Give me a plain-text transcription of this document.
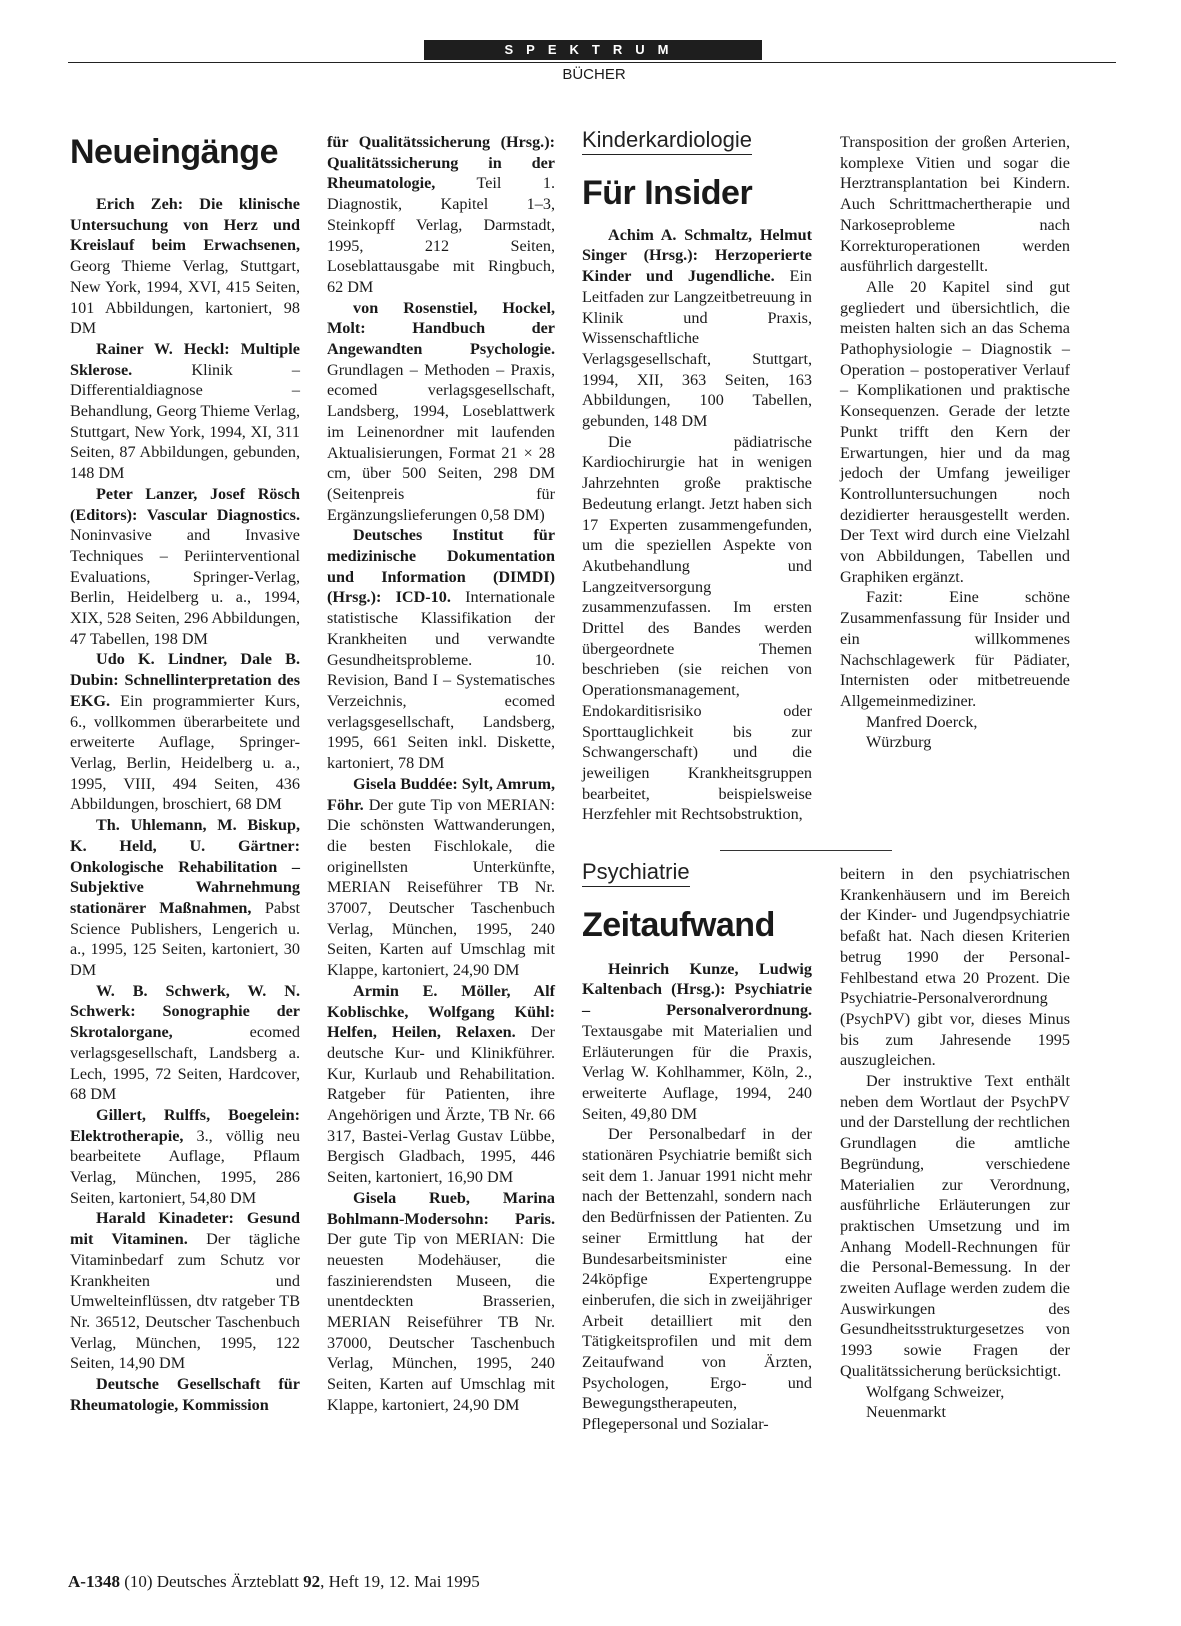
SPEKTRUM
BÜCHER
Neueingänge

Erich Zeh: Die klinische Untersuchung von Herz und Kreislauf beim Erwachsenen, Georg Thieme Verlag, Stuttgart, New York, 1994, XVI, 415 Seiten, 101 Abbildungen, kartoniert, 98 DM

Rainer W. Heckl: Multiple Sklerose. Klinik – Differentialdiagnose – Behandlung, Georg Thieme Verlag, Stuttgart, New York, 1994, XI, 311 Seiten, 87 Abbildungen, gebunden, 148 DM

Peter Lanzer, Josef Rösch (Editors): Vascular Diagnostics. Noninvasive and Invasive Techniques – Periinterventional Evaluations, Springer-Verlag, Berlin, Heidelberg u. a., 1994, XIX, 528 Seiten, 296 Abbildungen, 47 Tabellen, 198 DM

Udo K. Lindner, Dale B. Dubin: Schnellinterpretation des EKG. Ein programmierter Kurs, 6., vollkommen überarbeitete und erweiterte Auflage, Springer-Verlag, Berlin, Heidelberg u. a., 1995, VIII, 494 Seiten, 436 Abbildungen, broschiert, 68 DM

Th. Uhlemann, M. Biskup, K. Held, U. Gärtner: Onkologische Rehabilitation – Subjektive Wahrnehmung stationärer Maßnahmen, Pabst Science Publishers, Lengerich u. a., 1995, 125 Seiten, kartoniert, 30 DM

W. B. Schwerk, W. N. Schwerk: Sonographie der Skrotalorgane, ecomed verlagsgesellschaft, Landsberg a. Lech, 1995, 72 Seiten, Hardcover, 68 DM

Gillert, Rulffs, Boegelein: Elektrotherapie, 3., völlig neu bearbeitete Auflage, Pflaum Verlag, München, 1995, 286 Seiten, kartoniert, 54,80 DM

Harald Kinadeter: Gesund mit Vitaminen. Der tägliche Vitaminbedarf zum Schutz vor Krankheiten und Umwelteinflüssen, dtv ratgeber TB Nr. 36512, Deutscher Taschenbuch Verlag, München, 1995, 122 Seiten, 14,90 DM

Deutsche Gesellschaft für Rheumatologie, Kommission

für Qualitätssicherung (Hrsg.): Qualitätssicherung in der Rheumatologie, Teil 1. Diagnostik, Kapitel 1–3, Steinkopff Verlag, Darmstadt, 1995, 212 Seiten, Loseblattausgabe mit Ringbuch, 62 DM

von Rosenstiel, Hockel, Molt: Handbuch der Angewandten Psychologie. Grundlagen – Methoden – Praxis, ecomed verlagsgesellschaft, Landsberg, 1994, Loseblattwerk im Leinenordner mit laufenden Aktualisierungen, Format 21 × 28 cm, über 500 Seiten, 298 DM (Seitenpreis für Ergänzungslieferungen 0,58 DM)

Deutsches Institut für medizinische Dokumentation und Information (DIMDI) (Hrsg.): ICD-10. Internationale statistische Klassifikation der Krankheiten und verwandte Gesundheitsprobleme. 10. Revision, Band I – Systematisches Verzeichnis, ecomed verlagsgesellschaft, Landsberg, 1995, 661 Seiten inkl. Diskette, kartoniert, 78 DM

Gisela Buddée: Sylt, Amrum, Föhr. Der gute Tip von MERIAN: Die schönsten Wattwanderungen, die besten Fischlokale, die originellsten Unterkünfte, MERIAN Reiseführer TB Nr. 37007, Deutscher Taschenbuch Verlag, München, 1995, 240 Seiten, Karten auf Umschlag mit Klappe, kartoniert, 24,90 DM

Armin E. Möller, Alf Koblischke, Wolfgang Kühl: Helfen, Heilen, Relaxen. Der deutsche Kur- und Klinikführer. Kur, Kurlaub und Rehabilitation. Ratgeber für Patienten, ihre Angehörigen und Ärzte, TB Nr. 66 317, Bastei-Verlag Gustav Lübbe, Bergisch Gladbach, 1995, 446 Seiten, kartoniert, 16,90 DM

Gisela Rueb, Marina Bohlmann-Modersohn: Paris. Der gute Tip von MERIAN: Die neuesten Modehäuser, die faszinierendsten Museen, die unentdeckten Brasserien, MERIAN Reiseführer TB Nr. 37000, Deutscher Taschenbuch Verlag, München, 1995, 240 Seiten, Karten auf Umschlag mit Klappe, kartoniert, 24,90 DM

Kinderkardiologie
Für Insider

Achim A. Schmaltz, Helmut Singer (Hrsg.): Herzoperierte Kinder und Jugendliche. Ein Leitfaden zur Langzeitbetreuung in Klinik und Praxis, Wissenschaftliche Verlagsgesellschaft, Stuttgart, 1994, XII, 363 Seiten, 163 Abbildungen, 100 Tabellen, gebunden, 148 DM

Die pädiatrische Kardiochirurgie hat in wenigen Jahrzehnten große praktische Bedeutung erlangt. Jetzt haben sich 17 Experten zusammengefunden, um die speziellen Aspekte von Akutbehandlung und Langzeitversorgung zusammenzufassen. Im ersten Drittel des Bandes werden übergeordnete Themen beschrieben (sie reichen von Operationsmanagement, Endokarditisrisiko oder Sporttauglichkeit bis zur Schwangerschaft) und die jeweiligen Krankheitsgruppen bearbeitet, beispielsweise Herzfehler mit Rechtsobstruktion,

Transposition der großen Arterien, komplexe Vitien und sogar die Herztransplantation bei Kindern. Auch Schrittmachertherapie und Narkoseprobleme nach Korrekturoperationen werden ausführlich dargestellt.

Alle 20 Kapitel sind gut gegliedert und übersichtlich, die meisten halten sich an das Schema Pathophysiologie – Diagnostik – Operation – postoperativer Verlauf – Komplikationen und praktische Konsequenzen. Gerade der letzte Punkt trifft den Kern der Erwartungen, hier und da mag jedoch der Umfang jeweiliger Kontrolluntersuchungen noch dezidierter herausgestellt werden. Der Text wird durch eine Vielzahl von Abbildungen, Tabellen und Graphiken ergänzt.

Fazit: Eine schöne Zusammenfassung für Insider und ein willkommenes Nachschlagewerk für Pädiater, Internisten oder mitbetreuende Allgemeinmediziner.

Manfred Doerck,

Würzburg

Psychiatrie
Zeitaufwand

Heinrich Kunze, Ludwig Kaltenbach (Hrsg.): Psychiatrie – Personalverordnung. Textausgabe mit Materialien und Erläuterungen für die Praxis, Verlag W. Kohlhammer, Köln, 2., erweiterte Auflage, 1994, 240 Seiten, 49,80 DM

Der Personalbedarf in der stationären Psychiatrie bemißt sich seit dem 1. Januar 1991 nicht mehr nach der Bettenzahl, sondern nach den Bedürfnissen der Patienten. Zu seiner Ermittlung hat der Bundesarbeitsminister eine 24köpfige Expertengruppe einberufen, die sich in zweijähriger Arbeit detailliert mit den Tätigkeitsprofilen und mit dem Zeitaufwand von Ärzten, Psychologen, Ergo- und Bewegungstherapeuten, Pflegepersonal und Sozialar-

beitern in den psychiatrischen Krankenhäusern und im Bereich der Kinder- und Jugendpsychiatrie befaßt hat. Nach diesen Kriterien betrug 1990 der Personal-Fehlbestand etwa 20 Prozent. Die Psychiatrie-Personalverordnung (PsychPV) gibt vor, dieses Minus bis zum Jahresende 1995 auszugleichen.

Der instruktive Text enthält neben dem Wortlaut der PsychPV und der Darstellung der rechtlichen Grundlagen die amtliche Begründung, verschiedene Materialien zur Verordnung, ausführliche Erläuterungen zur praktischen Umsetzung und im Anhang Modell-Rechnungen für die Personal-Bemessung. In der zweiten Auflage werden zudem die Auswirkungen des Gesundheitsstrukturgesetzes von 1993 sowie Fragen der Qualitätssicherung berücksichtigt.

Wolfgang Schweizer,

Neuenmarkt

A-1348 (10) Deutsches Ärzteblatt 92, Heft 19, 12. Mai 1995
